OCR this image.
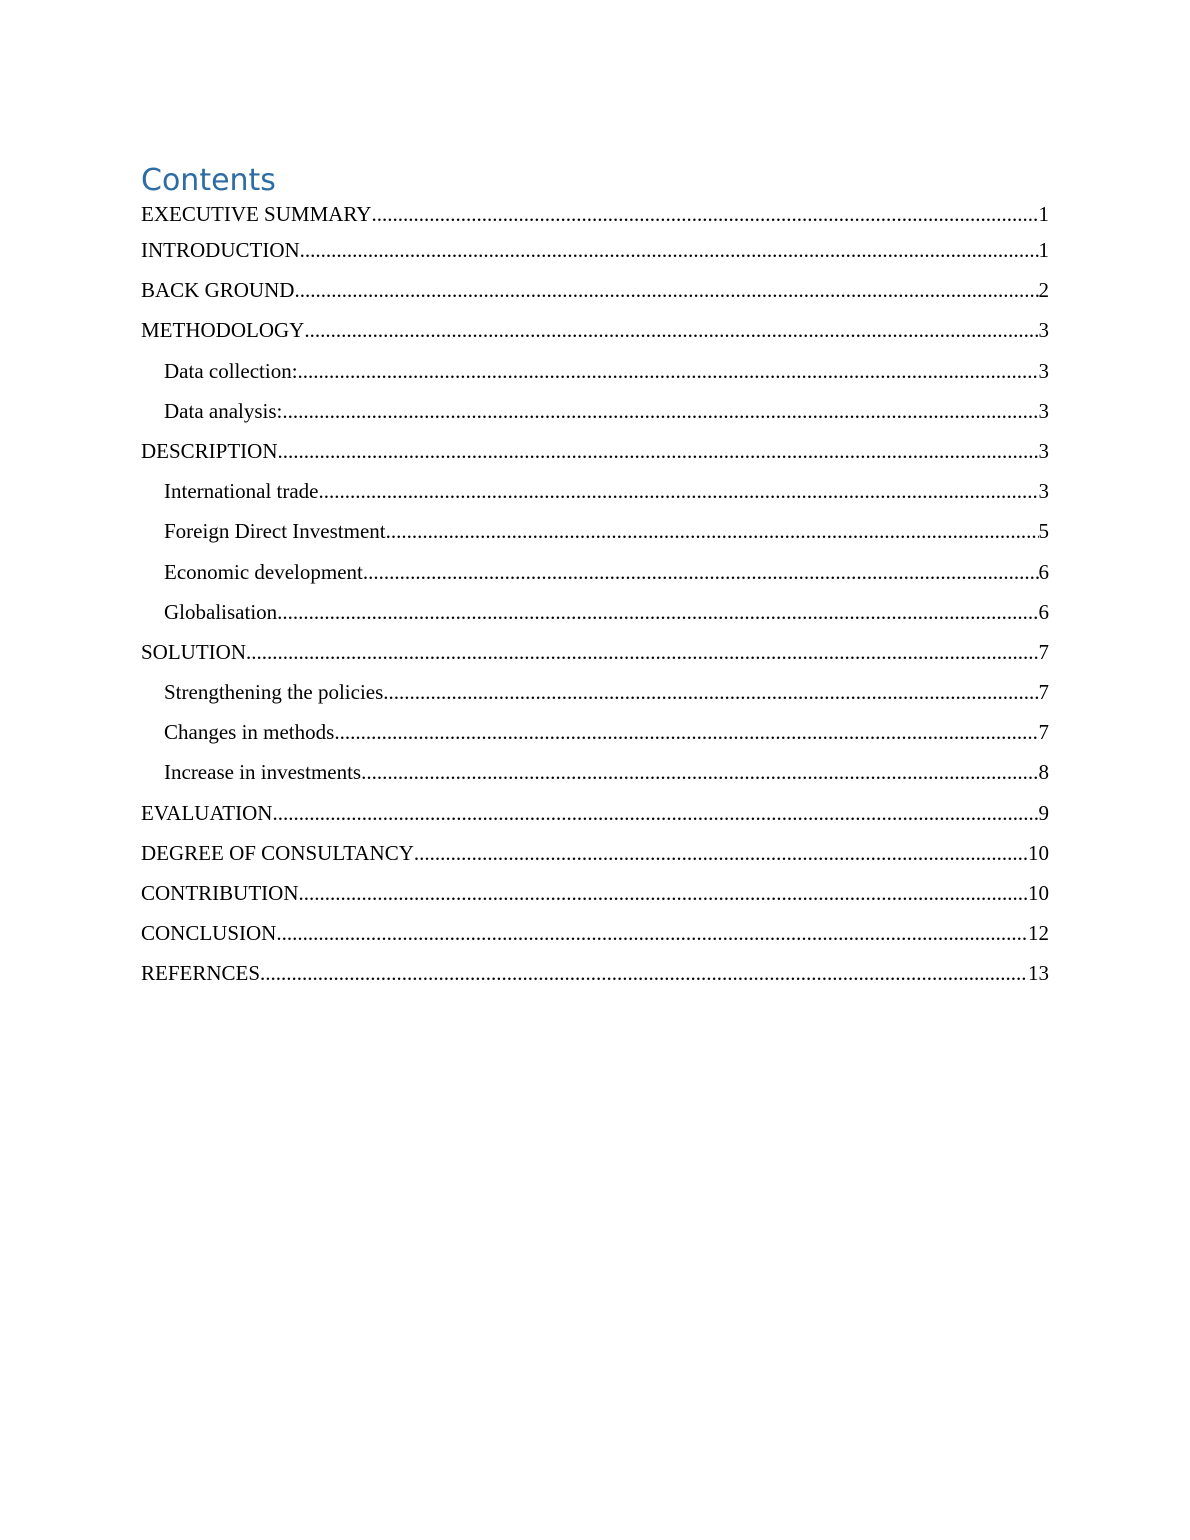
Contents
EXECUTIVE SUMMARY .....	1
INTRODUCTION .....	1
BACK GROUND .....	2
METHODOLOGY .....	3
Data collection: .....	3
Data analysis: .....	3
DESCRIPTION .....	3
International trade .....	3
Foreign Direct Investment .....	5
Economic development .....	6
Globalisation .....	6
SOLUTION .....	7
Strengthening the policies .....	7
Changes in methods .....	7
Increase in investments .....	8
EVALUATION .....	9
DEGREE OF CONSULTANCY .....	10
CONTRIBUTION .....	10
CONCLUSION .....	12
REFERNCES .....	13
